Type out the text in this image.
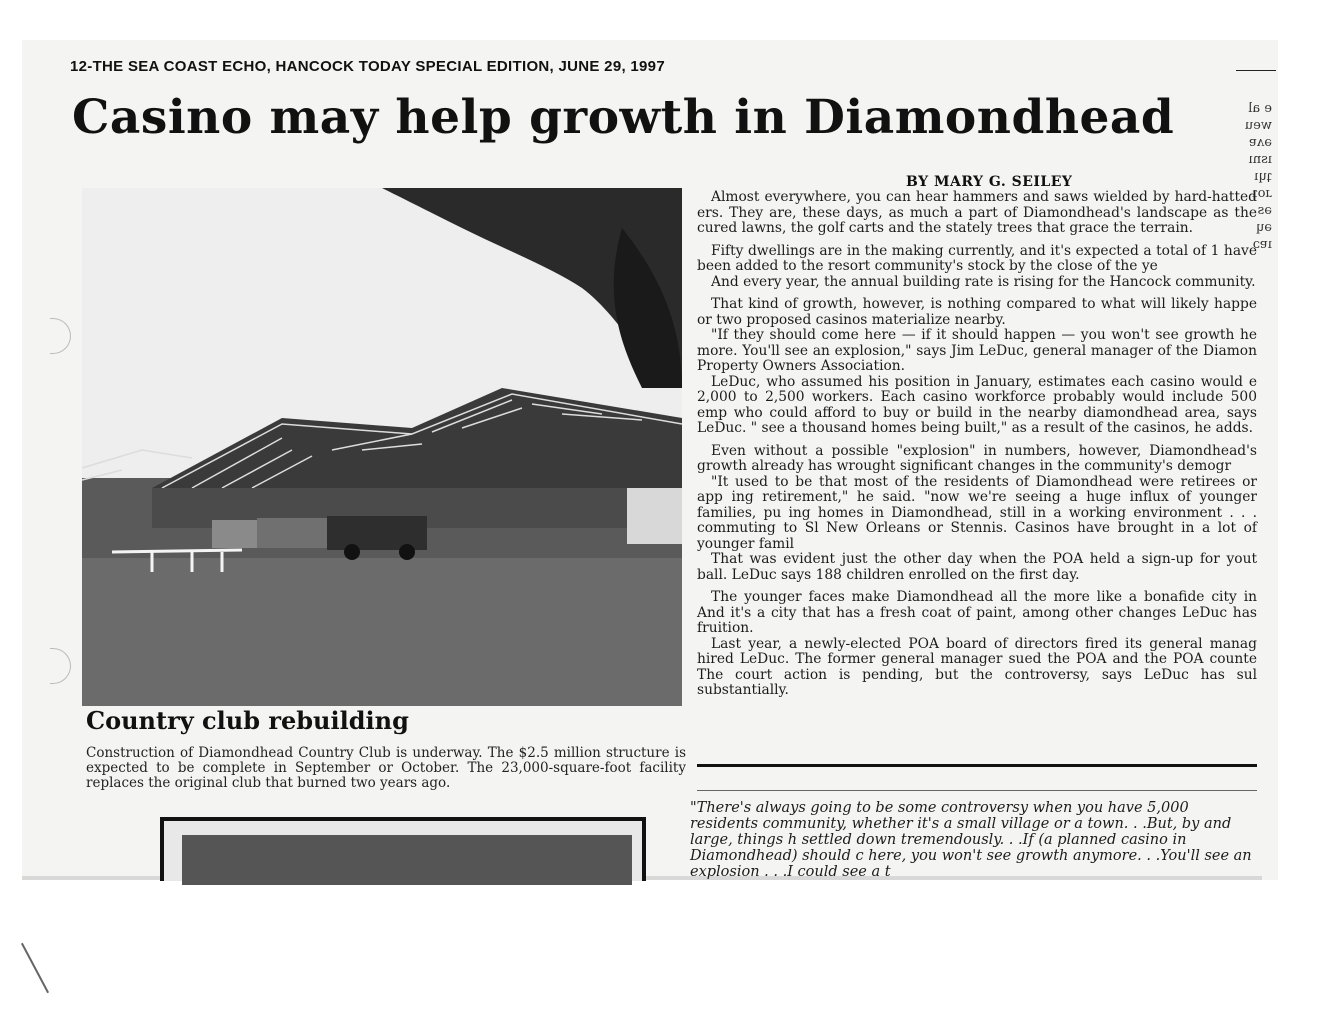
12-THE SEA COAST ECHO, HANCOCK TODAY SPECIAL EDITION, JUNE 29, 1997
Casino may help growth in Diamondhead	e al
weu
əʌɐ
ısnı
ʇɥı
ɹoʇ
əs
əɥ
ıɐɔ
Country club rebuilding
Construction of Diamondhead Country Club is underway. The $2.5 million structure is expected to be complete in September or October. The 23,000-square-foot facility replaces the original club that burned two years ago.
BY MARY G. SEILEY

Almost everywhere, you can hear hammers and saws wielded by hard-hatted ers. They are, these days, as much a part of Diamondhead's landscape as the cured lawns, the golf carts and the stately trees that grace the terrain.

Fifty dwellings are in the making currently, and it's expected a total of 1 have been added to the resort community's stock by the close of the ye

And every year, the annual building rate is rising for the Hancock community.

That kind of growth, however, is nothing compared to what will likely happe or two proposed casinos materialize nearby.

"If they should come here — if it should happen — you won't see growth he more. You'll see an explosion," says Jim LeDuc, general manager of the Diamon Property Owners Association.

LeDuc, who assumed his position in January, estimates each casino would e 2,000 to 2,500 workers. Each casino workforce probably would include 500 emp who could afford to buy or build in the nearby diamondhead area, says LeDuc. " see a thousand homes being built," as a result of the casinos, he adds.

Even without a possible "explosion" in numbers, however, Diamondhead's growth already has wrought significant changes in the community's demogr

"It used to be that most of the residents of Diamondhead were retirees or app ing retirement," he said. "now we're seeing a huge influx of younger families, pu ing homes in Diamondhead, still in a working environment . . . commuting to Sl New Orleans or Stennis. Casinos have brought in a lot of younger famil

That was evident just the other day when the POA held a sign-up for yout ball. LeDuc says 188 children enrolled on the first day.

The younger faces make Diamondhead all the more like a bonafide city in And it's a city that has a fresh coat of paint, among other changes LeDuc has fruition.

Last year, a newly-elected POA board of directors fired its general manag hired LeDuc. The former general manager sued the POA and the POA counte The court action is pending, but the controversy, says LeDuc has sul substantially.

"There's always going to be some controversy when you have 5,000 residents community, whether it's a small village or a town. . .But, by and large, things h settled down tremendously. . .If (a planned casino in Diamondhead) should c here, you won't see growth anymore. . .You'll see an explosion . . .I could see a t
